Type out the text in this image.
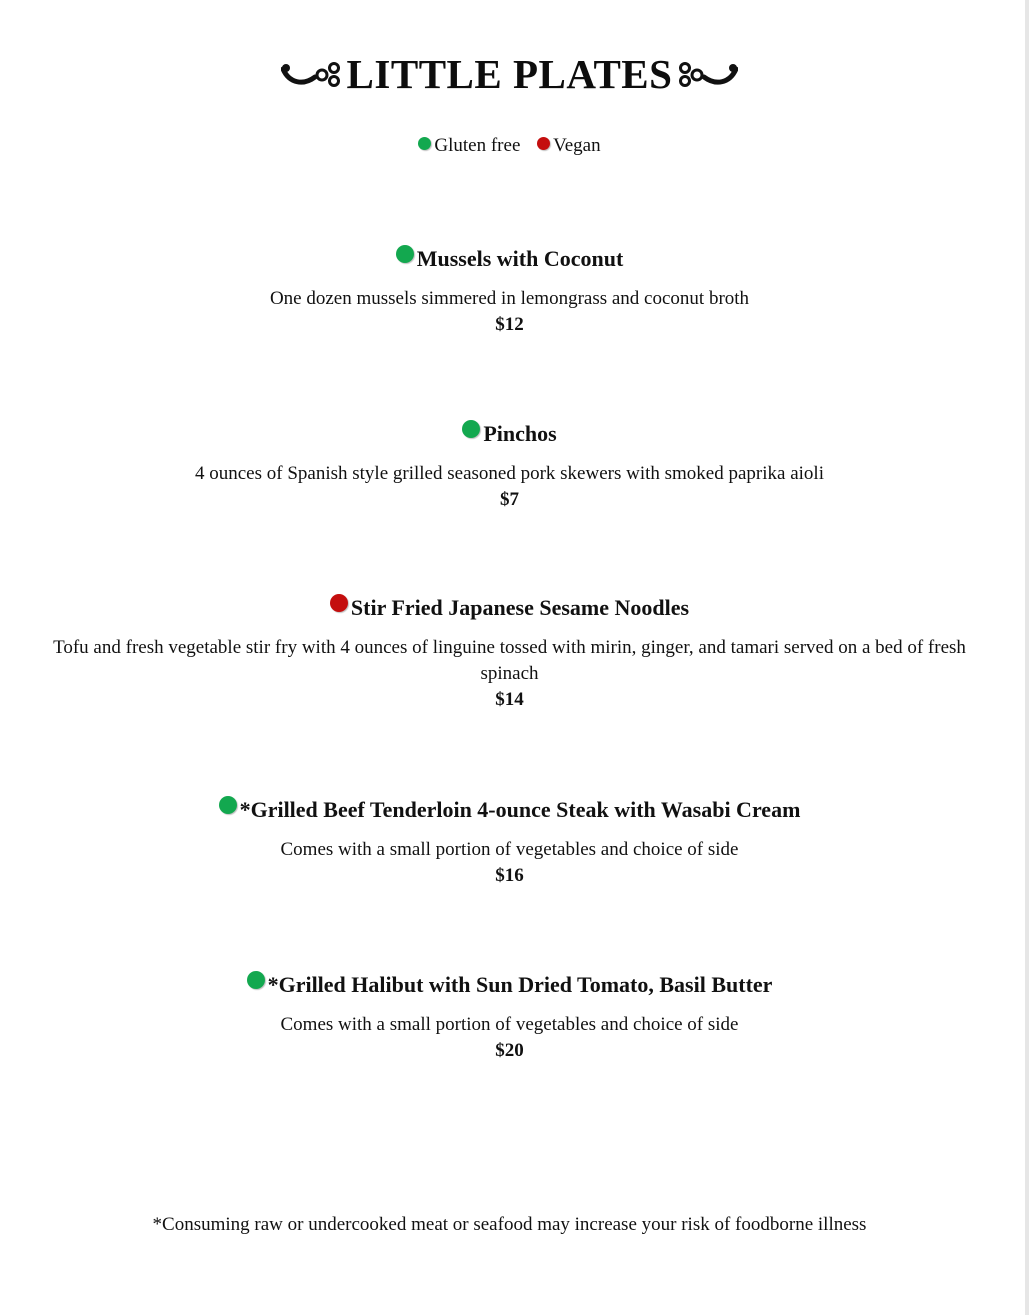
LITTLE PLATES
Gluten free Vegan
Mussels with Coconut
One dozen mussels simmered in lemongrass and coconut broth
$12
Pinchos
4 ounces of Spanish style grilled seasoned pork skewers with smoked paprika aioli
$7
Stir Fried Japanese Sesame Noodles
Tofu and fresh vegetable stir fry with 4 ounces of linguine tossed with mirin, ginger, and tamari served on a bed of fresh spinach
$14
*Grilled Beef Tenderloin 4-ounce Steak with Wasabi Cream
Comes with a small portion of vegetables and choice of side
$16
*Grilled Halibut with Sun Dried Tomato, Basil Butter
Comes with a small portion of vegetables and choice of side
$20
*Consuming raw or undercooked meat or seafood may increase your risk of foodborne illness
